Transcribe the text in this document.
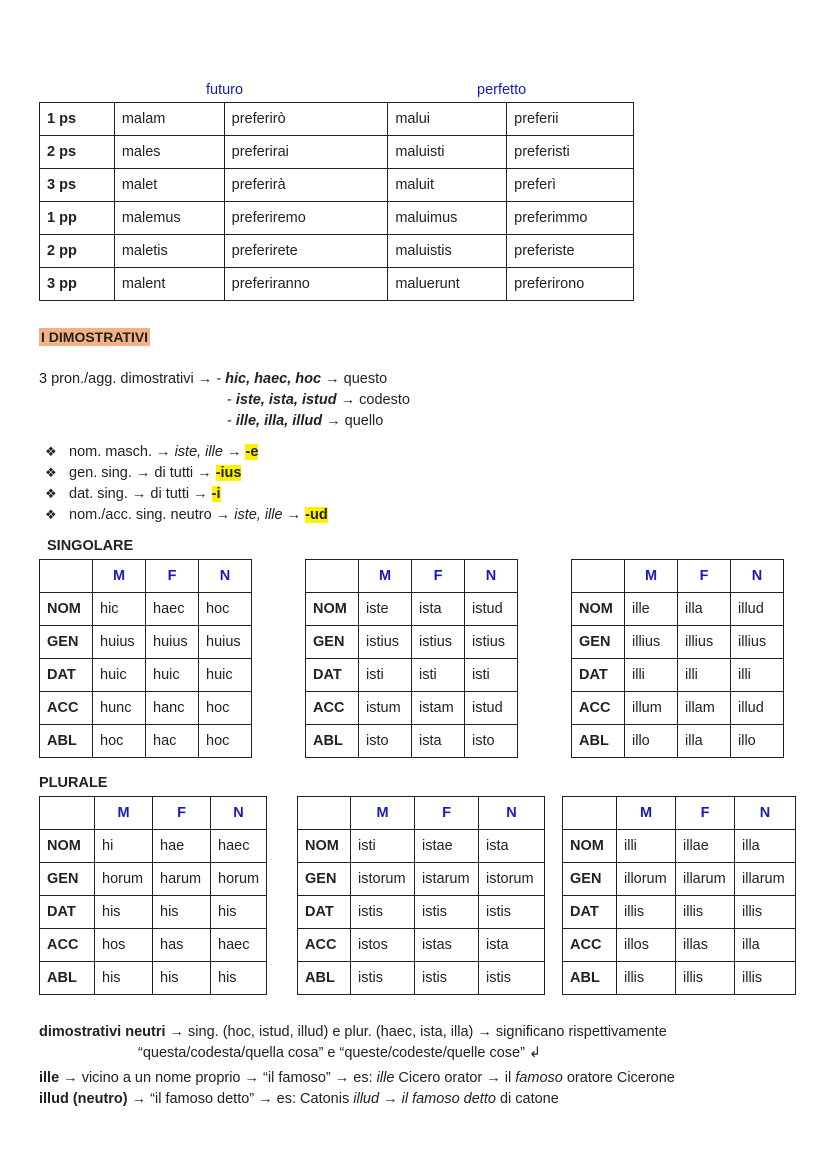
futuro	perfetto
1 ps	malam	preferirò	malui	preferii
2 ps	males	preferirai	maluisti	preferisti
3 ps	malet	preferirà	maluit	preferì
1 pp	malemus	preferiremo	maluimus	preferimmo
2 pp	maletis	preferirete	maluistis	preferiste
3 pp	malent	preferiranno	maluerunt	preferirono
I DIMOSTRATIVI
3 pron./agg. dimostrativi → - hic, haec, hoc → questo
- iste, ista, istud → codesto
- ille, illa, illud → quello
❖ nom. masch. → iste, ille → -e
❖ gen. sing. → di tutti → -ius
❖ dat. sing. → di tutti → -i
❖ nom./acc. sing. neutro → iste, ille → -ud
SINGOLARE
	M	F	N
NOM	hic	haec	hoc
GEN	huius	huius	huius
DAT	huic	huic	huic
ACC	hunc	hanc	hoc
ABL	hoc	hac	hoc
	M	F	N
NOM	iste	ista	istud
GEN	istius	istius	istius
DAT	isti	isti	isti
ACC	istum	istam	istud
ABL	isto	ista	isto
	M	F	N
NOM	ille	illa	illud
GEN	illius	illius	illius
DAT	illi	illi	illi
ACC	illum	illam	illud
ABL	illo	illa	illo
PLURALE
	M	F	N
NOM	hi	hae	haec
GEN	horum	harum	horum
DAT	his	his	his
ACC	hos	has	haec
ABL	his	his	his
	M	F	N
NOM	isti	istae	ista
GEN	istorum	istarum	istorum
DAT	istis	istis	istis
ACC	istos	istas	ista
ABL	istis	istis	istis
	M	F	N
NOM	illi	illae	illa
GEN	illorum	illarum	illarum
DAT	illis	illis	illis
ACC	illos	illas	illa
ABL	illis	illis	illis
dimostrativi neutri → sing. (hoc, istud, illud) e plur. (haec, ista, illa) → significano rispettivamente
“questa/codesta/quella cosa” e “queste/codeste/quelle cose” ↲
ille → vicino a un nome proprio → “il famoso” → es: ille Cicero orator → il famoso oratore Cicerone
illud (neutro) → “il famoso detto” → es: Catonis illud → il famoso detto di catone
